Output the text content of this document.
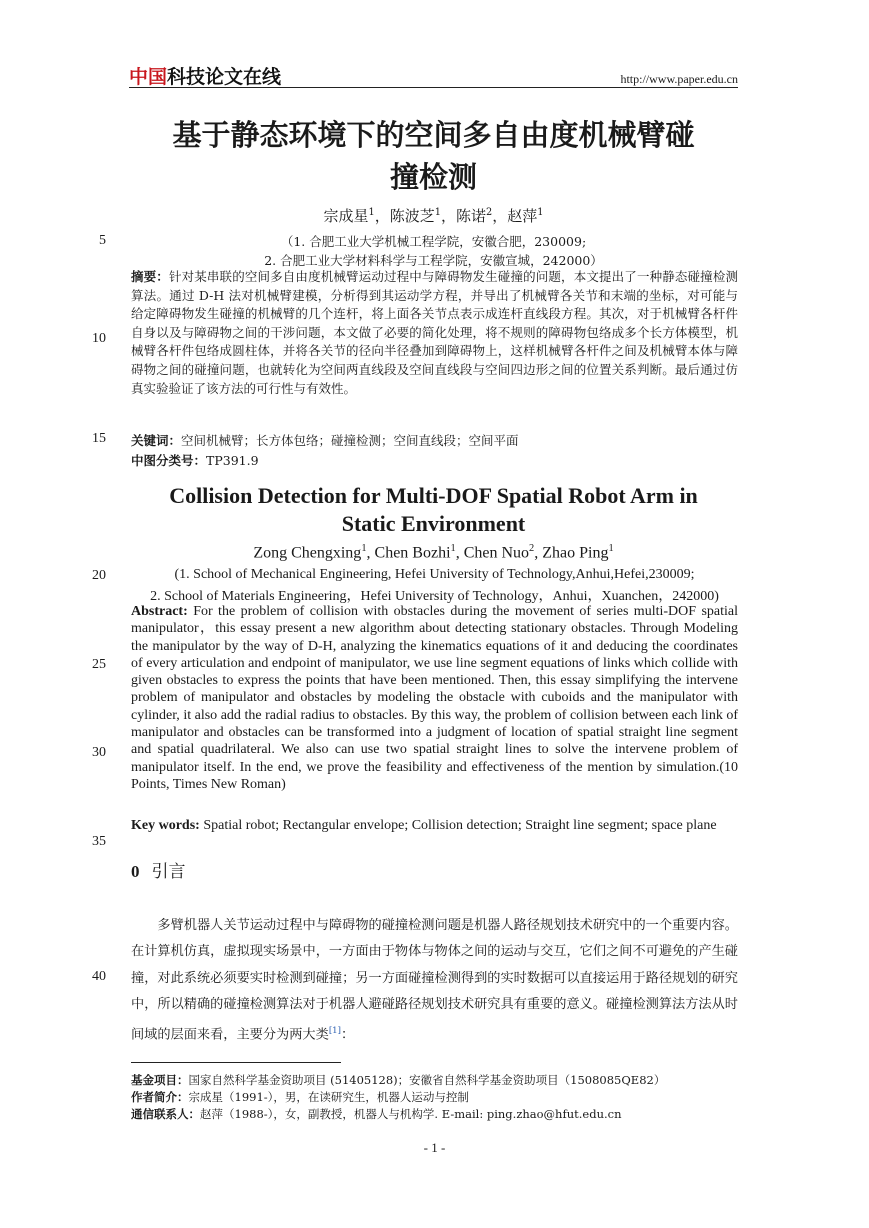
中国科技论文在线	http://www.paper.edu.cn
基于静态环境下的空间多自由度机械臂碰
撞检测
宗成星$^1$，陈波芝$^1$，陈诺$^2$，赵萍$^1$
（1. 合肥工业大学机械工程学院，安徽合肥，230009;
2. 合肥工业大学材料科学与工程学院，安徽宣城，242000）
摘要：针对某串联的空间多自由度机械臂运动过程中与障碍物发生碰撞的问题，本文提出了一种静态碰撞检测算法。通过 D-H 法对机械臂建模，分析得到其运动学方程，并导出了机械臂各关节和末端的坐标，对可能与给定障碍物发生碰撞的机械臂的几个连杆，将上面各关节点表示成连杆直线段方程。其次，对于机械臂各杆件自身以及与障碍物之间的干涉问题，本文做了必要的简化处理，将不规则的障碍物包络成多个长方体模型，机械臂各杆件包络成圆柱体，并将各关节的径向半径叠加到障碍物上，这样机械臂各杆件之间及机械臂本体与障碍物之间的碰撞问题，也就转化为空间两直线段及空间直线段与空间四边形之间的位置关系判断。最后通过仿真实验验证了该方法的可行性与有效性。
关键词：空间机械臂；长方体包络；碰撞检测；空间直线段；空间平面
中图分类号：TP391.9
Collision Detection for Multi-DOF Spatial Robot Arm in
Static Environment
Zong Chengxing$^1$, Chen Bozhi$^1$, Chen Nuo$^2$, Zhao Ping$^1$
(1. School of Mechanical Engineering, Hefei University of Technology,Anhui,Hefei,230009;
2. School of Materials Engineering，Hefei University of Technology，Anhui，Xuanchen，242000)
Abstract: For the problem of collision with obstacles during the movement of series multi-DOF spatial manipulator，this essay present a new algorithm about detecting stationary obstacles. Through Modeling the manipulator by the way of D-H, analyzing the kinematics equations of it and deducing the coordinates of every articulation and endpoint of manipulator, we use line segment equations of links which collide with given obstacles to express the points that have been mentioned. Then, this essay simplifying the intervene problem of manipulator and obstacles by modeling the obstacle with cuboids and the manipulator with cylinder, it also add the radial radius to obstacles. By this way, the problem of collision between each link of manipulator and obstacles can be transformed into a judgment of location of spatial straight line segment and spatial quadrilateral. We also can use two spatial straight lines to solve the intervene problem of manipulator itself. In the end, we prove the feasibility and effectiveness of the mention by simulation.(10 Points, Times New Roman)
Key words: Spatial robot; Rectangular envelope; Collision detection; Straight line segment; space plane
0 引言
多臂机器人关节运动过程中与障碍物的碰撞检测问题是机器人路径规划技术研究中的一个重要内容。在计算机仿真，虚拟现实场景中，一方面由于物体与物体之间的运动与交互，它们之间不可避免的产生碰撞，对此系统必须要实时检测到碰撞；另一方面碰撞检测得到的实时数据可以直接运用于路径规划的研究中，所以精确的碰撞检测算法对于机器人避碰路径规划技术研究具有重要的意义。碰撞检测算法方法从时间域的层面来看，主要分为两大类[1]：
基金项目：国家自然科学基金资助项目 (51405128)；安徽省自然科学基金资助项目（1508085QE82）
作者简介：宗成星（1991-），男，在读研究生，机器人运动与控制
通信联系人：赵萍（1988-），女，副教授，机器人与机构学. E-mail: ping.zhao@hfut.edu.cn
5
10
15
20
25
30
35
40
- 1 -
